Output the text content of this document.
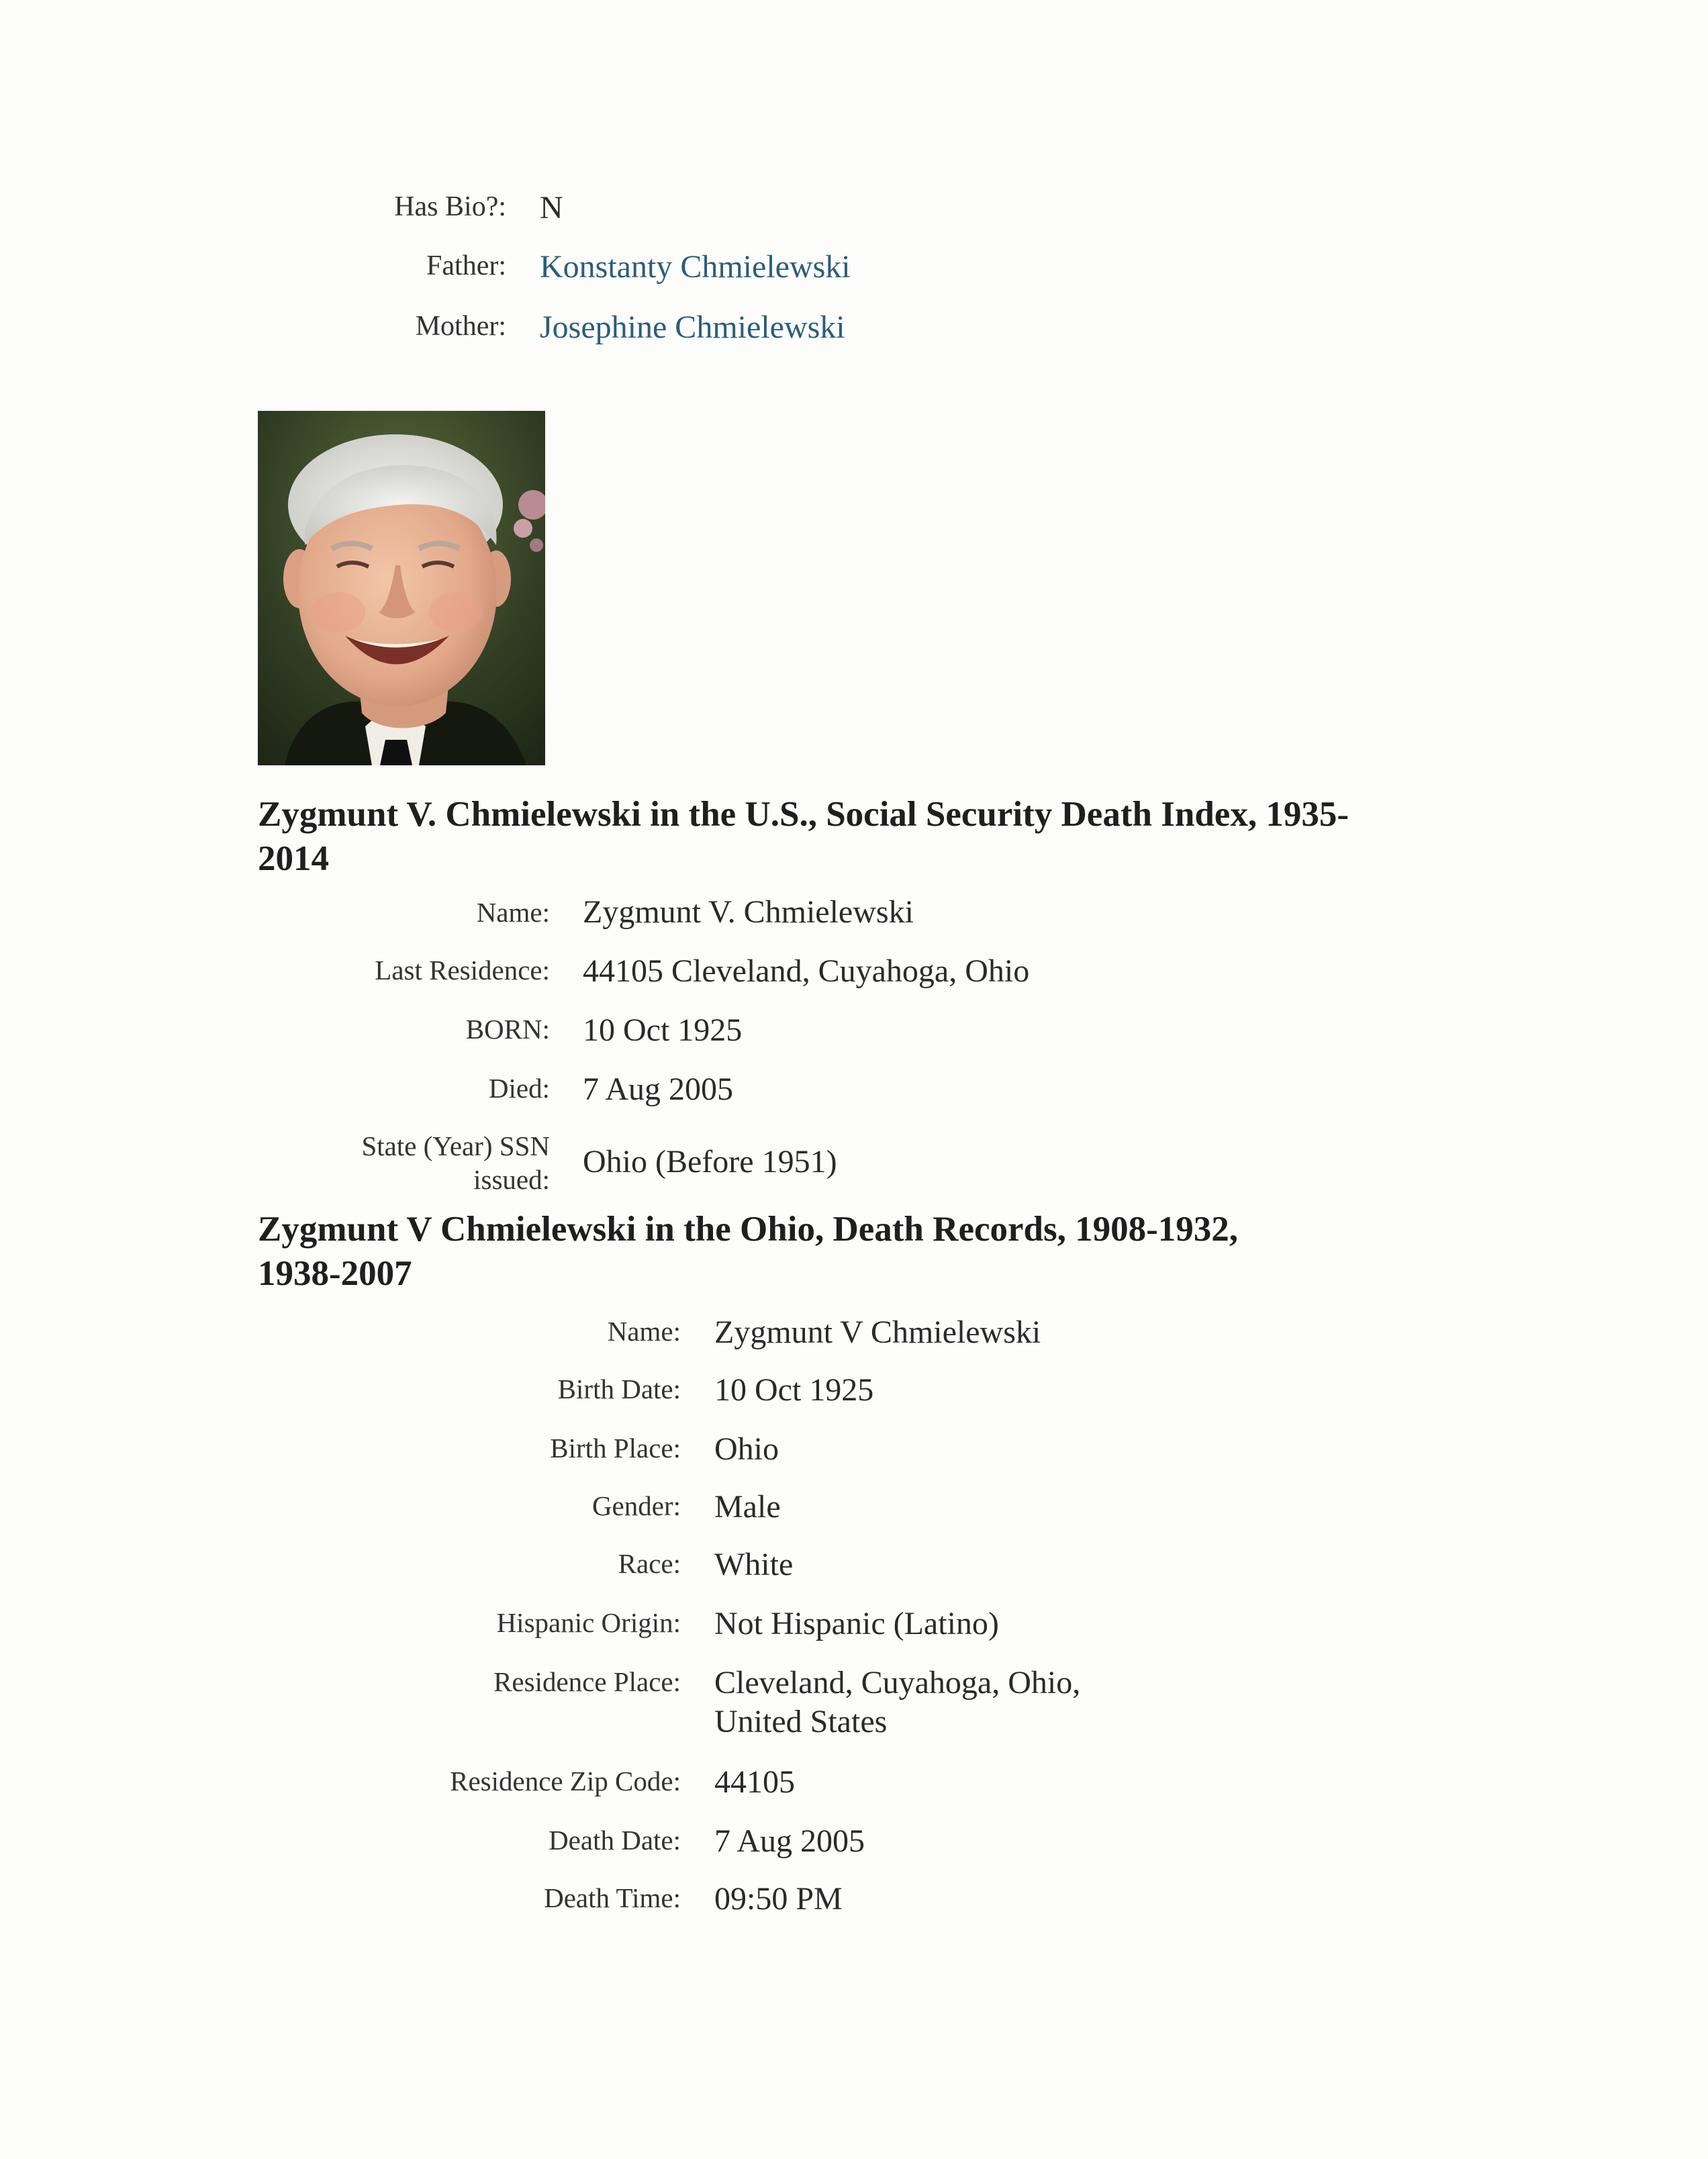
Has Bio?: N
Father: Konstanty Chmielewski
Mother: Josephine Chmielewski
Zygmunt V. Chmielewski in the U.S., Social Security Death Index, 1935-
2014
Name: Zygmunt V. Chmielewski
Last Residence: 44105 Cleveland, Cuyahoga, Ohio
BORN: 10 Oct 1925
Died: 7 Aug 2005
State (Year) SSN
issued: Ohio (Before 1951)
Zygmunt V Chmielewski in the Ohio, Death Records, 1908-1932,
1938-2007
Name: Zygmunt V Chmielewski
Birth Date: 10 Oct 1925
Birth Place: Ohio
Gender: Male
Race: White
Hispanic Origin: Not Hispanic (Latino)
Residence Place: Cleveland, Cuyahoga, Ohio,
United States
Residence Zip Code: 44105
Death Date: 7 Aug 2005
Death Time: 09:50 PM
